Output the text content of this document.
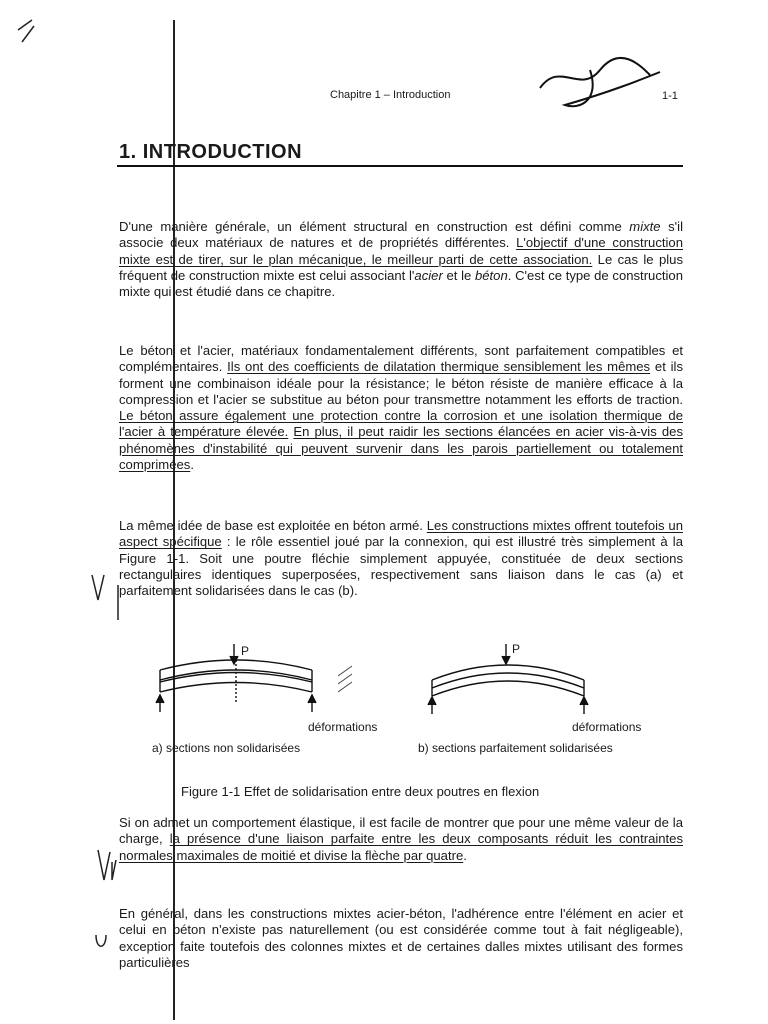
Chapitre 1 – Introduction	1-1
1. INTRODUCTION

D'une manière générale, un élément structural en construction est défini comme mixte s'il associe deux matériaux de natures et de propriétés différentes. L'objectif d'une construction mixte est de tirer, sur le plan mécanique, le meilleur parti de cette association. Le cas le plus fréquent de construction mixte est celui associant l'acier et le béton. C'est ce type de construction mixte qui est étudié dans ce chapitre.

Le béton et l'acier, matériaux fondamentalement différents, sont parfaitement compatibles et complémentaires. Ils ont des coefficients de dilatation thermique sensiblement les mêmes et ils forment une combinaison idéale pour la résistance; le béton résiste de manière efficace à la compression et l'acier se substitue au béton pour transmettre notamment les efforts de traction. Le béton assure également une protection contre la corrosion et une isolation thermique de l'acier à température élevée. En plus, il peut raidir les sections élancées en acier vis-à-vis des phénomènes d'instabilité qui peuvent survenir dans les parois partiellement ou totalement comprimées.

La même idée de base est exploitée en béton armé. Les constructions mixtes offrent toutefois un aspect spécifique : le rôle essentiel joué par la connexion, qui est illustré très simplement à la Figure 1-1. Soit une poutre fléchie simplement appuyée, constituée de deux sections rectangulaires identiques superposées, respectivement sans liaison dans le cas (a) et parfaitement solidarisées dans le cas (b).

P	P
déformations	déformations
a) sections non solidarisées	b) sections parfaitement solidarisées
Figure 1-1 Effet de solidarisation entre deux poutres en flexion

Si on admet un comportement élastique, il est facile de montrer que pour une même valeur de la charge, la présence d'une liaison parfaite entre les deux composants réduit les contraintes normales maximales de moitié et divise la flèche par quatre.

En général, dans les constructions mixtes acier-béton, l'adhérence entre l'élément en acier et celui en béton n'existe pas naturellement (ou est considérée comme tout à fait négligeable), exception faite toutefois des colonnes mixtes et de certaines dalles mixtes utilisant des formes particulières
